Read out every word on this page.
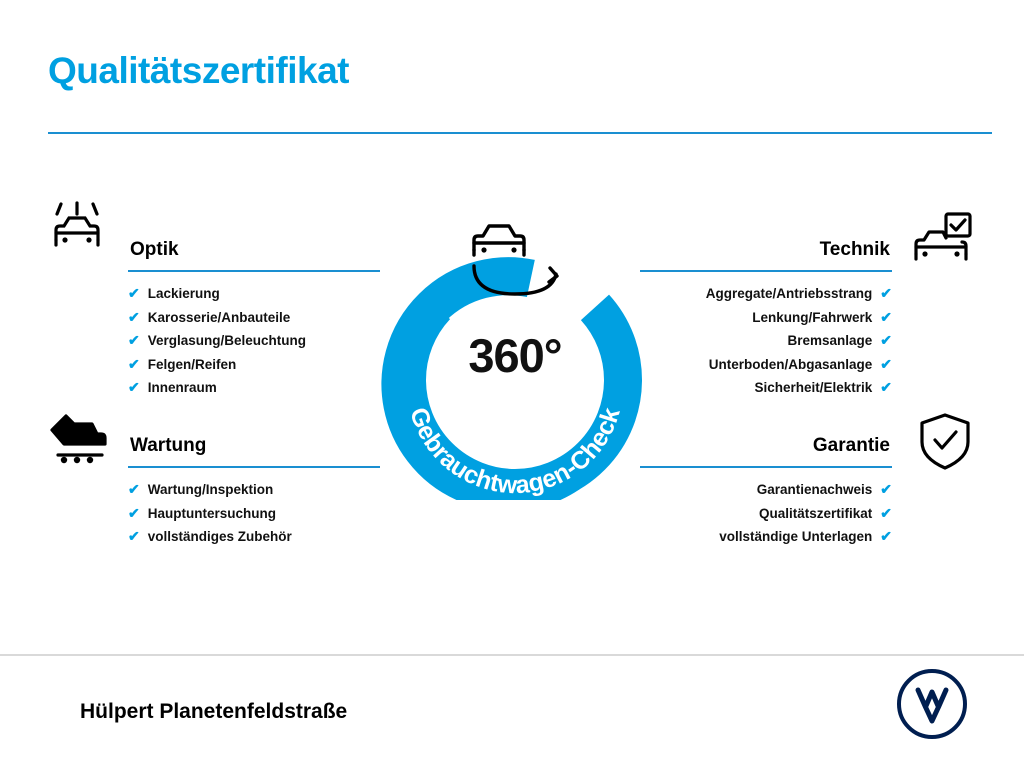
Qualitätszertifikat
Optik
✔ Lackierung
✔ Karosserie/Anbauteile
✔ Verglasung/Beleuchtung
✔ Felgen/Reifen
✔ Innenraum
Wartung
✔ Wartung/Inspektion
✔ Hauptuntersuchung
✔ vollständiges Zubehör
Technik
Aggregate/Antriebsstrang ✔
Lenkung/Fahrwerk ✔
Bremsanlage ✔
Unterboden/Abgasanlage ✔
Sicherheit/Elektrik ✔
Garantie
Garantienachweis ✔
Qualitätszertifikat ✔
vollständige Unterlagen ✔
Gebrauchtwagen-Check
360°
Hülpert Planetenfeldstraße
